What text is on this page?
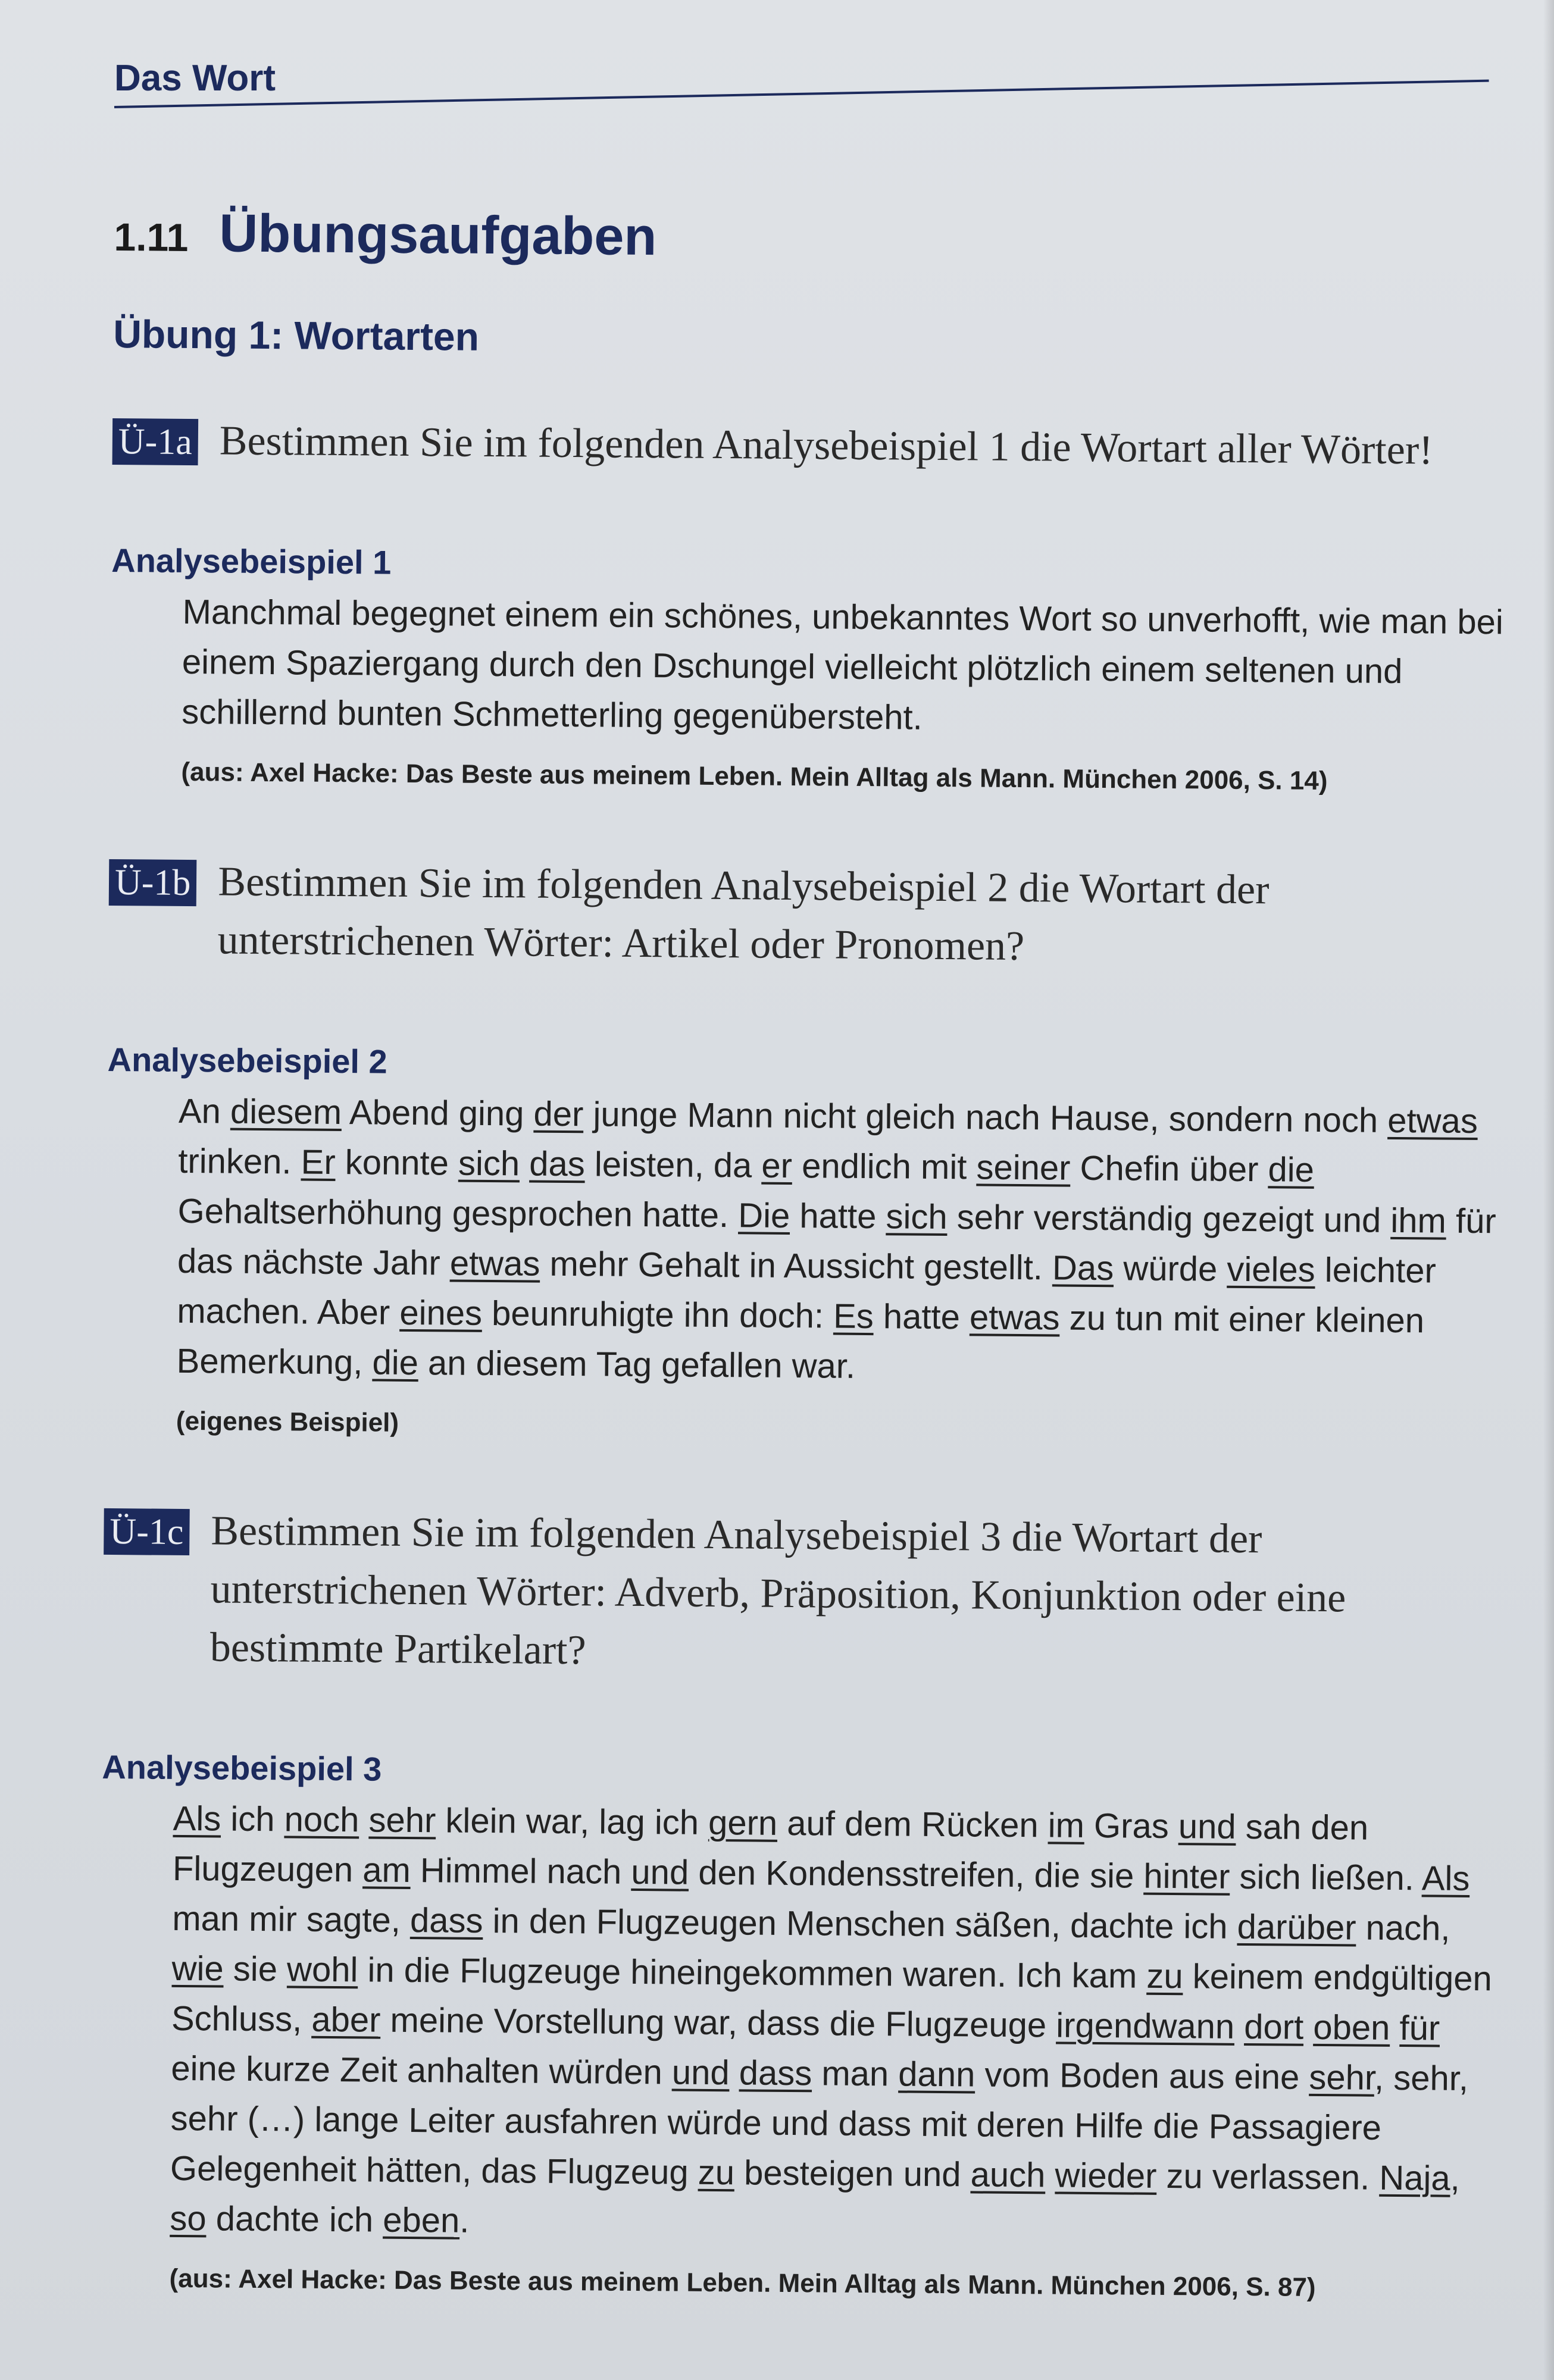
Das Wort
1.11 Übungsaufgaben
Übung 1: Wortarten
Ü-1a Bestimmen Sie im folgenden Analysebeispiel 1 die Wortart aller Wörter!
Analysebeispiel 1
Manchmal begegnet einem ein schönes, unbekanntes Wort so unverhofft, wie man bei einem Spaziergang durch den Dschungel vielleicht plötzlich einem seltenen und schillernd bunten Schmetterling gegenübersteht.
(aus: Axel Hacke: Das Beste aus meinem Leben. Mein Alltag als Mann. München 2006, S. 14)
Ü-1b Bestimmen Sie im folgenden Analysebeispiel 2 die Wortart der unterstrichenen Wörter: Artikel oder Pronomen?
Analysebeispiel 2
An diesem Abend ging der junge Mann nicht gleich nach Hause, sondern noch etwas trinken. Er konnte sich das leisten, da er endlich mit seiner Chefin über die Gehaltserhöhung gesprochen hatte. Die hatte sich sehr verständig gezeigt und ihm für das nächste Jahr etwas mehr Gehalt in Aussicht gestellt. Das würde vieles leichter machen. Aber eines beunruhigte ihn doch: Es hatte etwas zu tun mit einer kleinen Bemerkung, die an diesem Tag gefallen war.
(eigenes Beispiel)
Ü-1c Bestimmen Sie im folgenden Analysebeispiel 3 die Wortart der unterstrichenen Wörter: Adverb, Präposition, Konjunktion oder eine bestimmte Partikelart?
Analysebeispiel 3
Als ich noch sehr klein war, lag ich gern auf dem Rücken im Gras und sah den Flugzeugen am Himmel nach und den Kondensstreifen, die sie hinter sich ließen. Als man mir sagte, dass in den Flugzeugen Menschen säßen, dachte ich darüber nach, wie sie wohl in die Flugzeuge hineingekommen waren. Ich kam zu keinem endgültigen Schluss, aber meine Vorstellung war, dass die Flugzeuge irgendwann dort oben für eine kurze Zeit anhalten würden und dass man dann vom Boden aus eine sehr, sehr, sehr (…) lange Leiter ausfahren würde und dass mit deren Hilfe die Passagiere Gelegenheit hätten, das Flugzeug zu besteigen und auch wieder zu verlassen. Naja, so dachte ich eben.
(aus: Axel Hacke: Das Beste aus meinem Leben. Mein Alltag als Mann. München 2006, S. 87)
